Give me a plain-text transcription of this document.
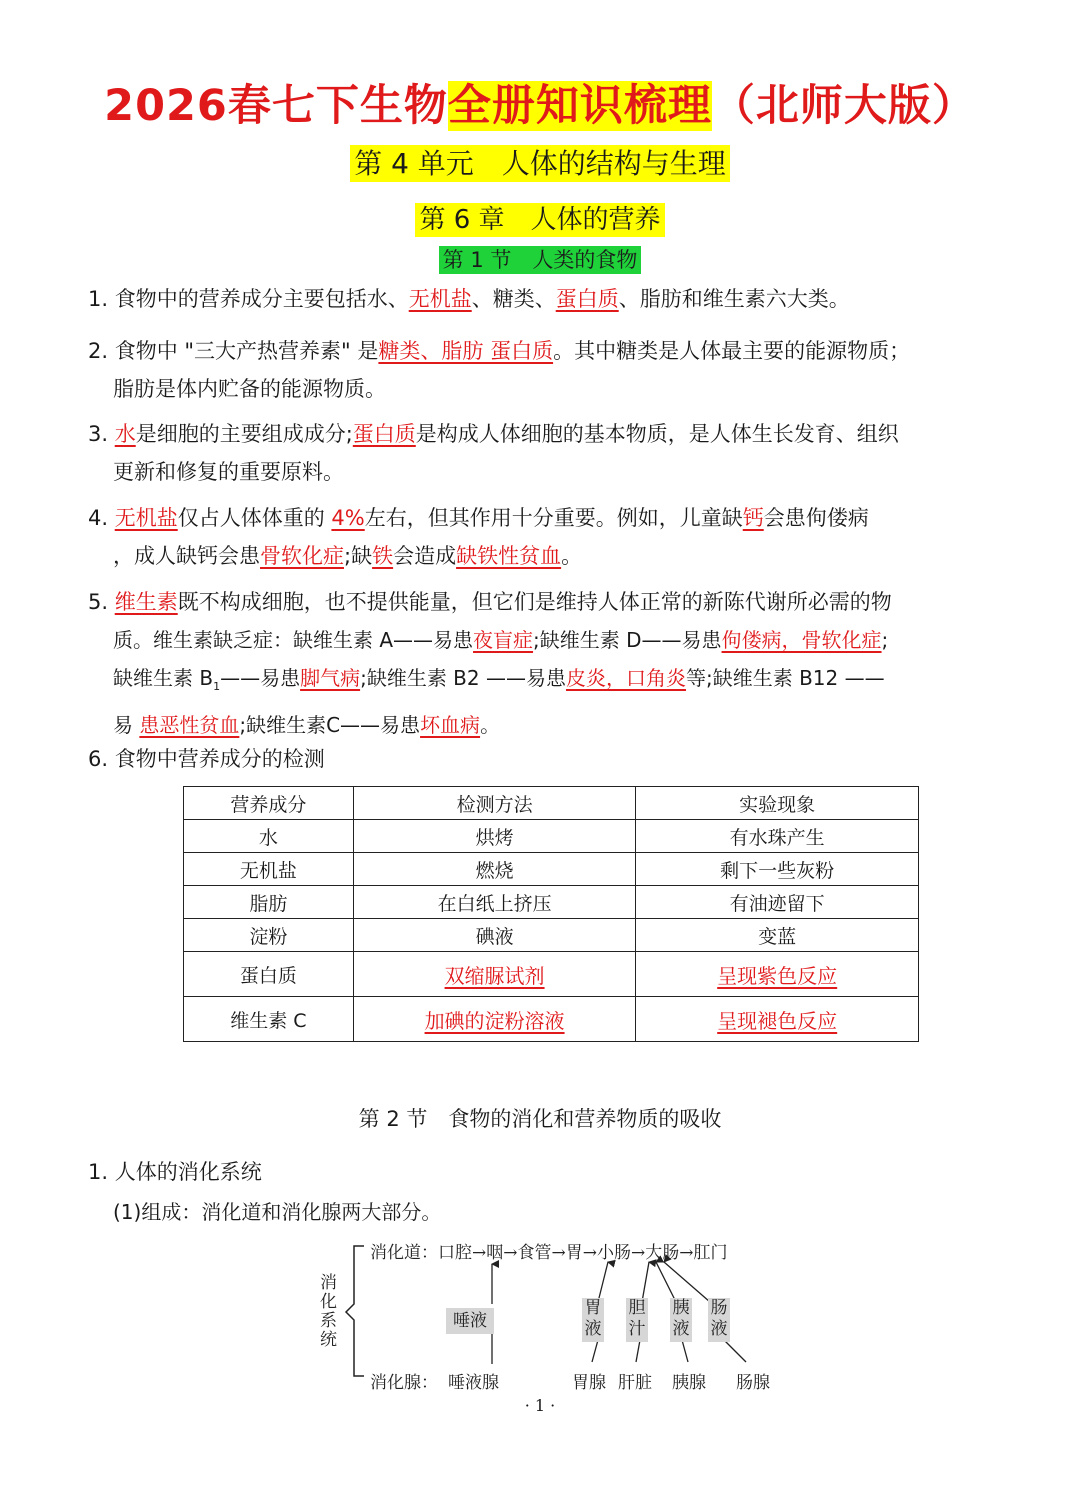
2026春七下生物全册知识梳理（北师大版）
第 4 单元　人体的结构与生理
第 6 章　人体的营养
第 1 节　人类的食物
1. 食物中的营养成分主要包括水、无机盐、糖类、蛋白质、脂肪和维生素六大类。
2. 食物中 "三大产热营养素" 是糖类、脂肪 蛋白质。其中糖类是人体最主要的能源物质；
脂肪是体内贮备的能源物质。
3. 水是细胞的主要组成成分;蛋白质是构成人体细胞的基本物质，是人体生长发育、组织
更新和修复的重要原料。
4. 无机盐仅占人体体重的 4%左右，但其作用十分重要。例如，儿童缺钙会患佝偻病
，成人缺钙会患骨软化症;缺铁会造成缺铁性贫血。
5. 维生素既不构成细胞，也不提供能量，但它们是维持人体正常的新陈代谢所必需的物
质。维生素缺乏症：缺维生素 A——易患夜盲症;缺维生素 D——易患佝偻病，骨软化症;
缺维生素 $B_1——$易患脚气病;缺维生素 B2 ——易患皮炎，口角炎等;缺维生素 B12 ——
易 患恶性贫血;缺维生素C——易患坏血病。
6. 食物中营养成分的检测
营养成分	检测方法	实验现象
水	烘烤	有水珠产生
无机盐	燃烧	剩下一些灰粉
脂肪	在白纸上挤压	有油迹留下
淀粉	碘液	变蓝
蛋白质	双缩脲试剂	呈现紫色反应
维生素 C	加碘的淀粉溶液	呈现褪色反应
第 2 节　食物的消化和营养物质的吸收
1. 人体的消化系统
(1)组成：消化道和消化腺两大部分。
消化系统
消化道：口腔→咽→食管→胃→小肠→大肠→肛门
消化腺：
唾液
唾液腺
胃液
胆汁
胰液
肠液
胃腺 肝脏 胰腺 肠腺
· 1 ·
